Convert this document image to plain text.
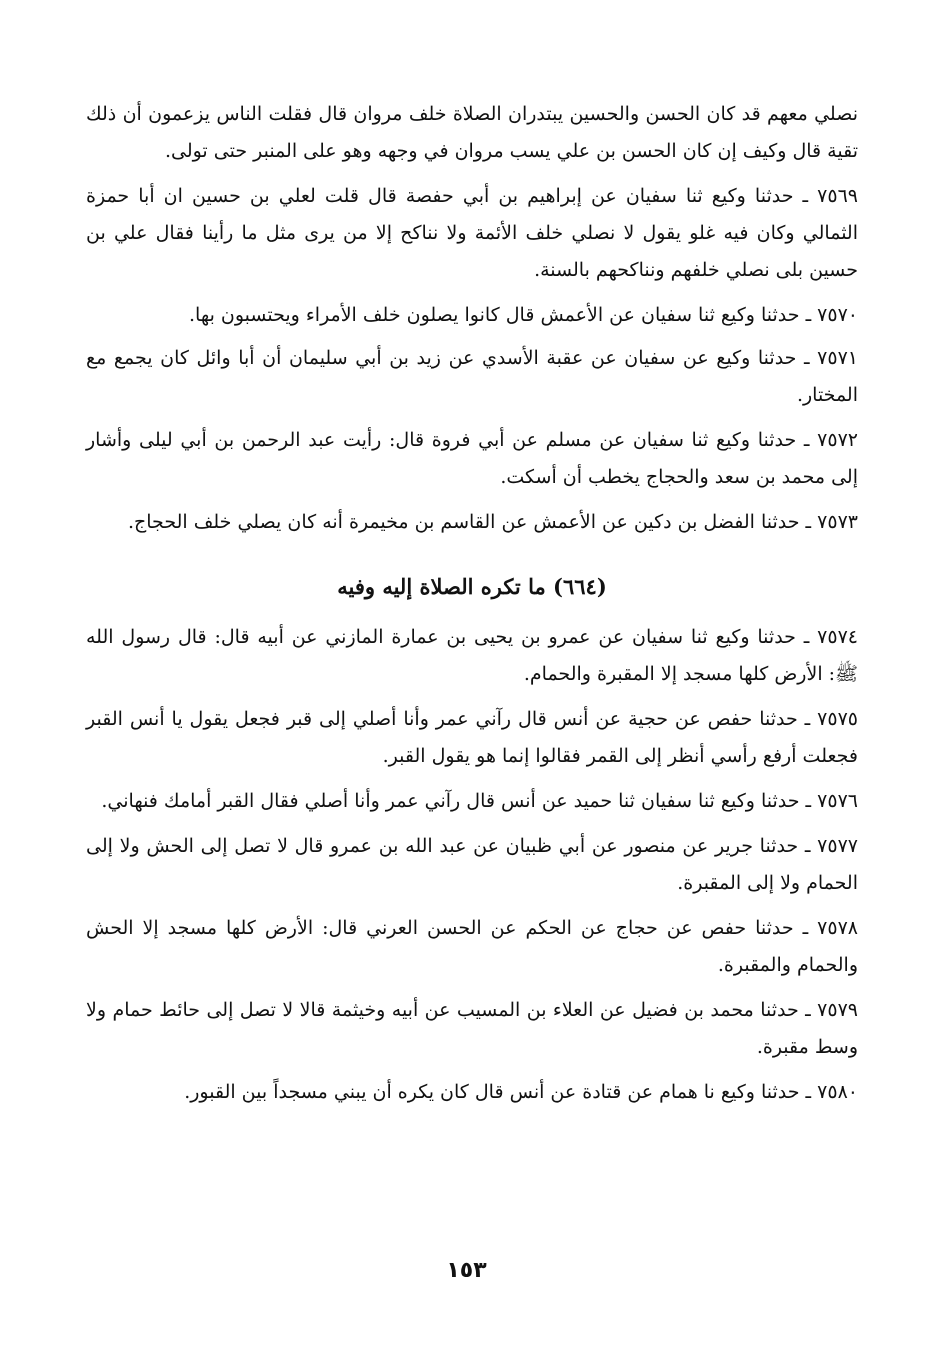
نصلي معهم قد كان الحسن والحسين يبتدران الصلاة خلف مروان قال فقلت الناس يزعمون أن ذلك تقية قال وكيف إن كان الحسن بن علي يسب مروان في وجهه وهو على المنبر حتى تولى.

٧٥٦٩ ـ حدثنا وكيع ثنا سفيان عن إبراهيم بن أبي حفصة قال قلت لعلي بن حسين ان أبا حمزة الثمالي وكان فيه غلو يقول لا نصلي خلف الأئمة ولا نناكح إلا من يرى مثل ما رأينا فقال علي بن حسين بلى نصلي خلفهم ونناكحهم بالسنة.

٧٥٧٠ ـ حدثنا وكيع ثنا سفيان عن الأعمش قال كانوا يصلون خلف الأمراء ويحتسبون بها.

٧٥٧١ ـ حدثنا وكيع عن سفيان عن عقبة الأسدي عن زيد بن أبي سليمان أن أبا وائل كان يجمع مع المختار.

٧٥٧٢ ـ حدثنا وكيع ثنا سفيان عن مسلم عن أبي فروة قال: رأيت عبد الرحمن بن أبي ليلى وأشار إلى محمد بن سعد والحجاج يخطب أن أسكت.

٧٥٧٣ ـ حدثنا الفضل بن دكين عن الأعمش عن القاسم بن مخيمرة أنه كان يصلي خلف الحجاج.

(٦٦٤) ما تكره الصلاة إليه وفيه

٧٥٧٤ ـ حدثنا وكيع ثنا سفيان عن عمرو بن يحيى بن عمارة المازني عن أبيه قال: قال رسول الله ﷺ: الأرض كلها مسجد إلا المقبرة والحمام.

٧٥٧٥ ـ حدثنا حفص عن حجية عن أنس قال رآني عمر وأنا أصلي إلى قبر فجعل يقول يا أنس القبر فجعلت أرفع رأسي أنظر إلى القمر فقالوا إنما هو يقول القبر.

٧٥٧٦ ـ حدثنا وكيع ثنا سفيان ثنا حميد عن أنس قال رآني عمر وأنا أصلي فقال القبر أمامك فنهاني.

٧٥٧٧ ـ حدثنا جرير عن منصور عن أبي ظبيان عن عبد الله بن عمرو قال لا تصل إلى الحش ولا إلى الحمام ولا إلى المقبرة.

٧٥٧٨ ـ حدثنا حفص عن حجاج عن الحكم عن الحسن العرني قال: الأرض كلها مسجد إلا الحش والحمام والمقبرة.

٧٥٧٩ ـ حدثنا محمد بن فضيل عن العلاء بن المسيب عن أبيه وخيثمة قالا لا تصل إلى حائط حمام ولا وسط مقبرة.

٧٥٨٠ ـ حدثنا وكيع نا همام عن قتادة عن أنس قال كان يكره أن يبني مسجداً بين القبور.

١٥٣
